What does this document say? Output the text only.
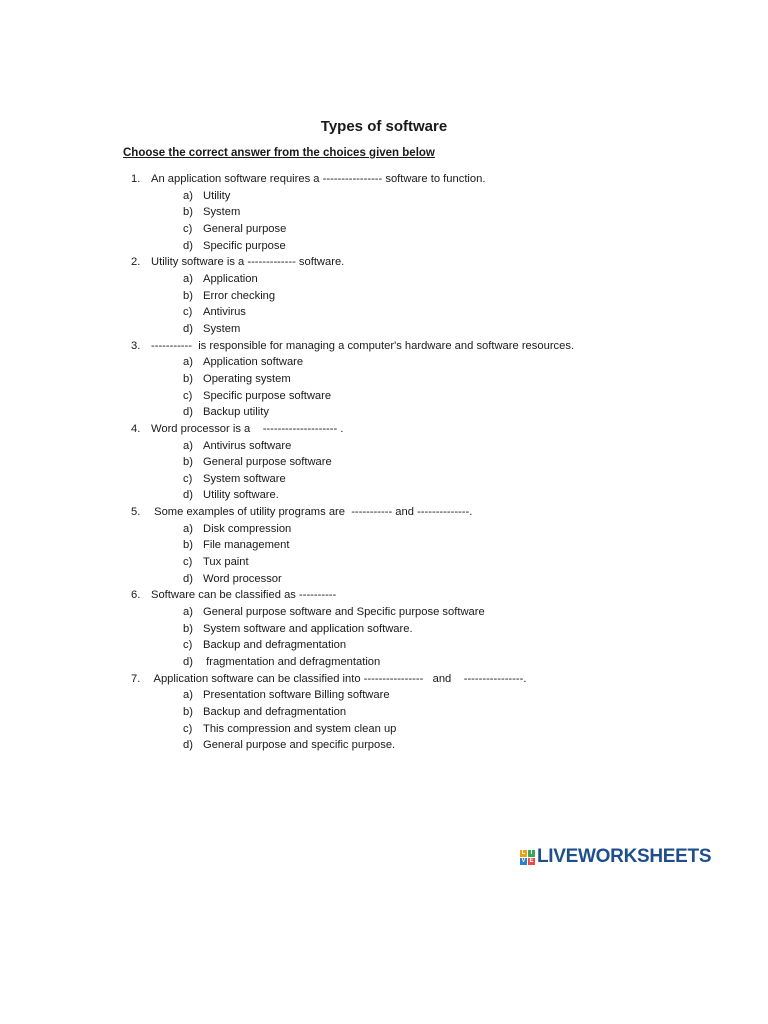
Types of software
Choose the correct answer from the choices given below
1. An application software requires a ---------------- software to function.
a) Utility
b) System
c) General purpose
d) Specific purpose
2. Utility software is a ------------- software.
a) Application
b) Error checking
c) Antivirus
d) System
3. -----------  is responsible for managing a computer's hardware and software resources.
a) Application software
b) Operating system
c) Specific purpose software
d) Backup utility
4. Word processor is a    -------------------- .
a) Antivirus software
b) General purpose software
c) System software
d) Utility software.
5. Some examples of utility programs are  ----------- and --------------.
a) Disk compression
b) File management
c) Tux paint
d) Word processor
6. Software can be classified as ----------
a) General purpose software and Specific purpose software
b) System software and application software.
c) Backup and defragmentation
d) fragmentation and defragmentation
7. Application software can be classified into ----------------   and    ----------------.
a) Presentation software Billing software
b) Backup and defragmentation
c) This compression and system clean up
d) General purpose and specific purpose.
L I
V E LIVEWORKSHEETS
